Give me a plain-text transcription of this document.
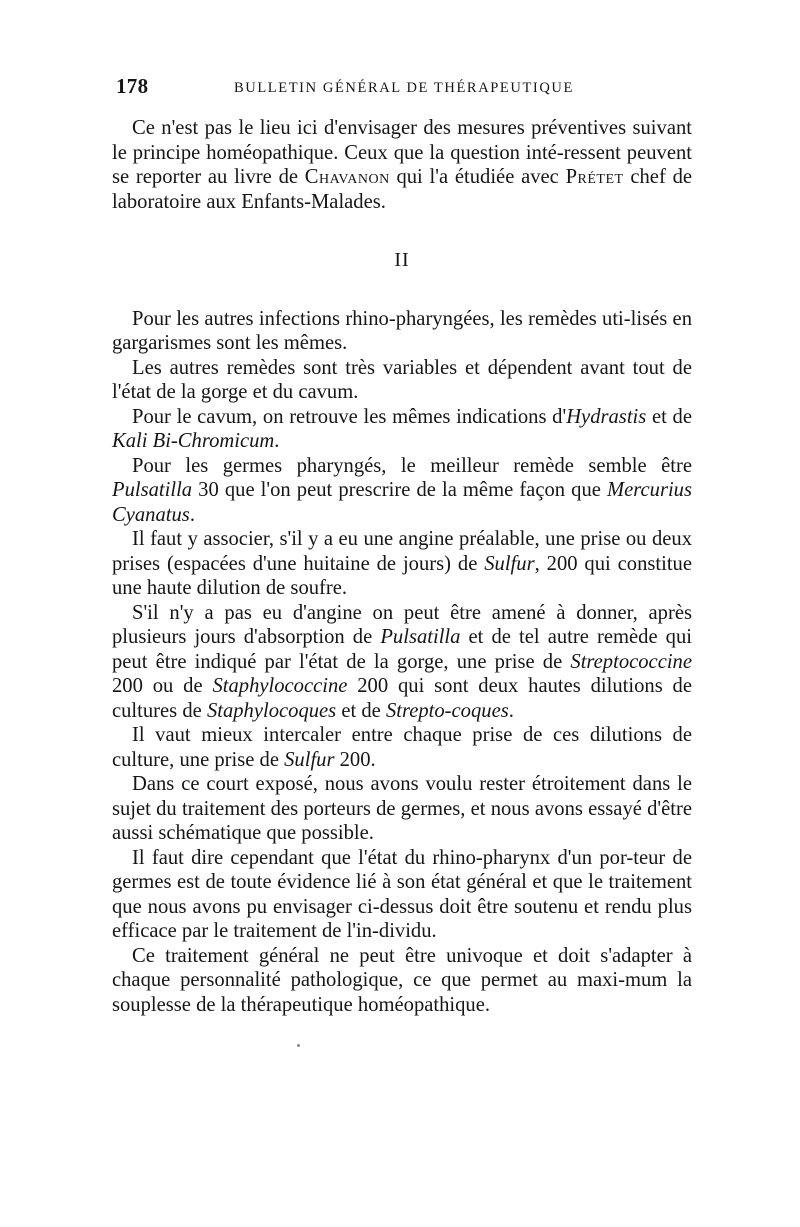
178	BULLETIN GÉNÉRAL DE THÉRAPEUTIQUE

Ce n'est pas le lieu ici d'envisager des mesures préventives suivant le principe homéopathique. Ceux que la question inté-ressent peuvent se reporter au livre de Chavanon qui l'a étudiée avec Prétet chef de laboratoire aux Enfants-Malades.

II

Pour les autres infections rhino-pharyngées, les remèdes uti-lisés en gargarismes sont les mêmes.

Les autres remèdes sont très variables et dépendent avant tout de l'état de la gorge et du cavum.

Pour le cavum, on retrouve les mêmes indications d'Hydrastis et de Kali Bi-Chromicum.

Pour les germes pharyngés, le meilleur remède semble être Pulsatilla 30 que l'on peut prescrire de la même façon que Mercurius Cyanatus.

Il faut y associer, s'il y a eu une angine préalable, une prise ou deux prises (espacées d'une huitaine de jours) de Sulfur, 200 qui constitue une haute dilution de soufre.

S'il n'y a pas eu d'angine on peut être amené à donner, après plusieurs jours d'absorption de Pulsatilla et de tel autre remède qui peut être indiqué par l'état de la gorge, une prise de Streptococcine 200 ou de Staphylococcine 200 qui sont deux hautes dilutions de cultures de Staphylocoques et de Strepto-coques.

Il vaut mieux intercaler entre chaque prise de ces dilutions de culture, une prise de Sulfur 200.

Dans ce court exposé, nous avons voulu rester étroitement dans le sujet du traitement des porteurs de germes, et nous avons essayé d'être aussi schématique que possible.

Il faut dire cependant que l'état du rhino-pharynx d'un por-teur de germes est de toute évidence lié à son état général et que le traitement que nous avons pu envisager ci-dessus doit être soutenu et rendu plus efficace par le traitement de l'in-dividu.

Ce traitement général ne peut être univoque et doit s'adapter à chaque personnalité pathologique, ce que permet au maxi-mum la souplesse de la thérapeutique homéopathique.
